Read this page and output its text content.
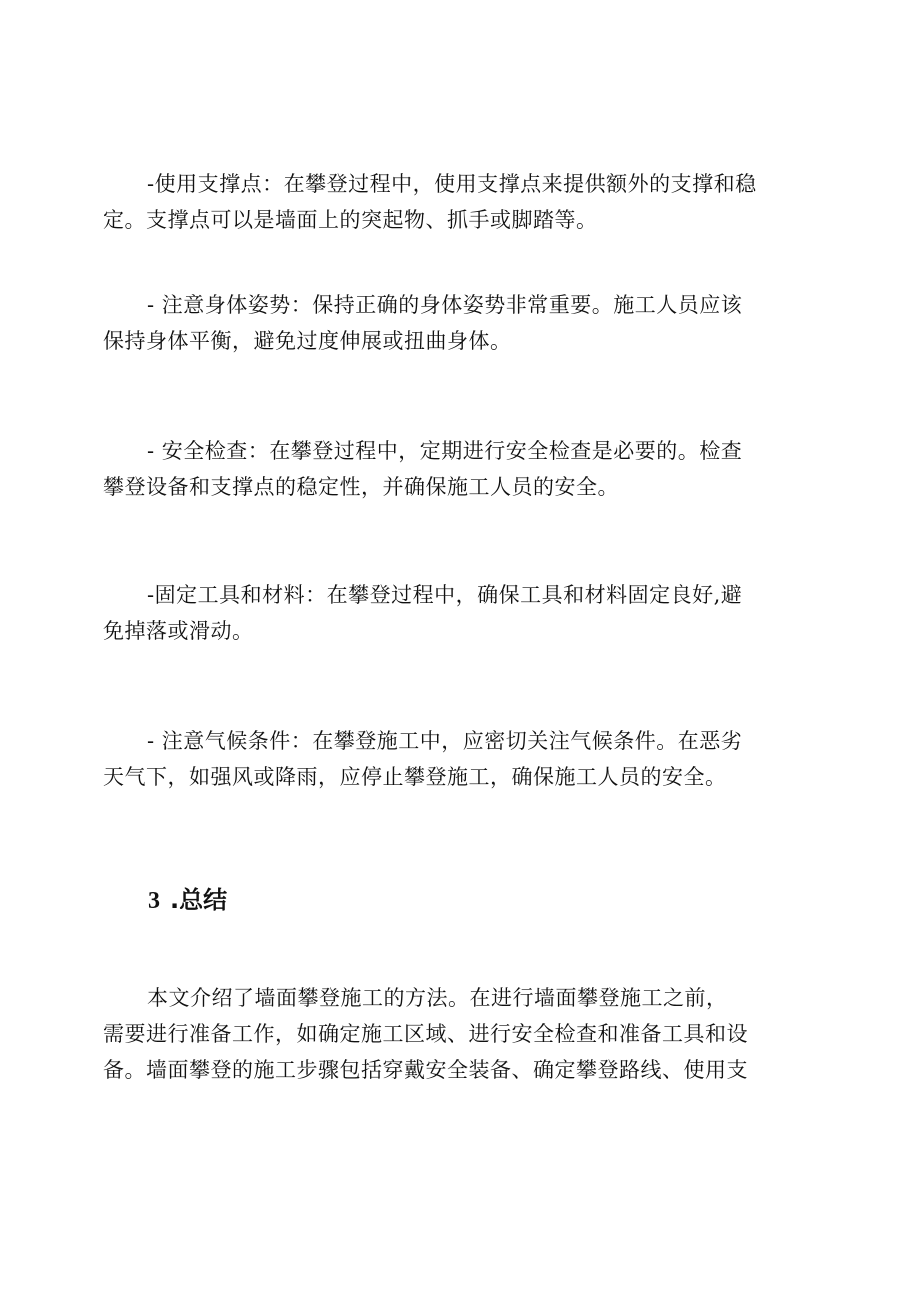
-使用支撑点：在攀登过程中，使用支撑点来提供额外的支撑和稳
定。支撑点可以是墙面上的突起物、抓手或脚踏等。

- 注意身体姿势：保持正确的身体姿势非常重要。施工人员应该
保持身体平衡，避免过度伸展或扭曲身体。

- 安全检查：在攀登过程中，定期进行安全检查是必要的。检查
攀登设备和支撑点的稳定性，并确保施工人员的安全。

-固定工具和材料：在攀登过程中，确保工具和材料固定良好,避
免掉落或滑动。

- 注意气候条件：在攀登施工中，应密切关注气候条件。在恶劣
天气下，如强风或降雨，应停止攀登施工，确保施工人员的安全。

3 .总结

本文介绍了墙面攀登施工的方法。在进行墙面攀登施工之前，
需要进行准备工作，如确定施工区域、进行安全检查和准备工具和设
备。墙面攀登的施工步骤包括穿戴安全装备、确定攀登路线、使用支
